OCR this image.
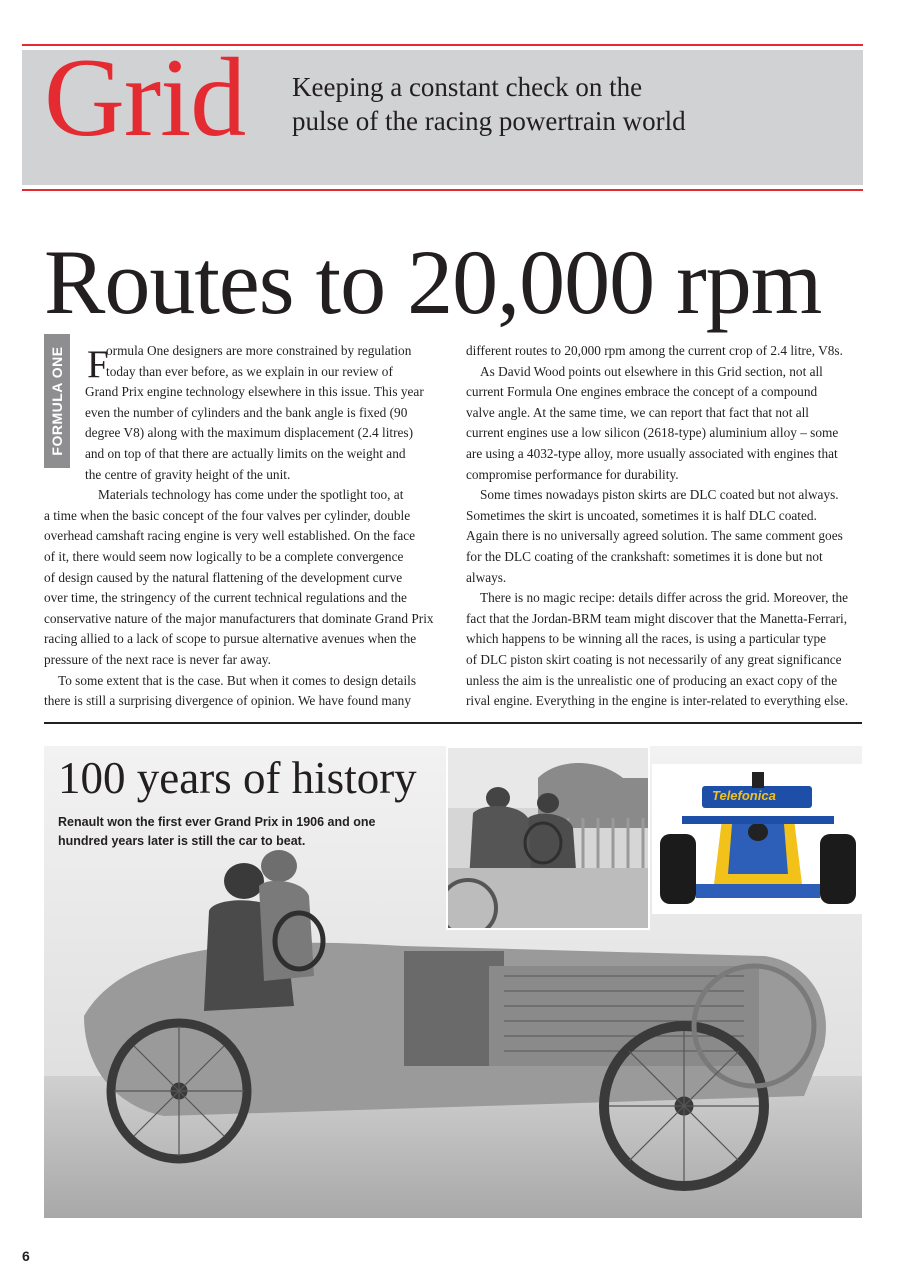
Grid Keeping a constant check on the
pulse of the racing powertrain world
Routes to 20,000 rpm
FORMULA ONE F
ormula One designers are more constrained by regulation
today than ever before, as we explain in our review of
Grand Prix engine technology elsewhere in this issue. This year
even the number of cylinders and the bank angle is fixed (90
degree V8) along with the maximum displacement (2.4 litres)
and on top of that there are actually limits on the weight and
the centre of gravity height of the unit.
Materials technology has come under the spotlight too, at
a time when the basic concept of the four valves per cylinder, double
overhead camshaft racing engine is very well established. On the face
of it, there would seem now logically to be a complete convergence
of design caused by the natural flattening of the development curve
over time, the stringency of the current technical regulations and the
conservative nature of the major manufacturers that dominate Grand Prix
racing allied to a lack of scope to pursue alternative avenues when the
pressure of the next race is never far away.
To some extent that is the case. But when it comes to design details
there is still a surprising divergence of opinion. We have found many
different routes to 20,000 rpm among the current crop of 2.4 litre, V8s.
As David Wood points out elsewhere in this Grid section, not all
current Formula One engines embrace the concept of a compound
valve angle. At the same time, we can report that fact that not all
current engines use a low silicon (2618-type) aluminium alloy – some
are using a 4032-type alloy, more usually associated with engines that
compromise performance for durability.
Some times nowadays piston skirts are DLC coated but not always.
Sometimes the skirt is uncoated, sometimes it is half DLC coated.
Again there is no universally agreed solution. The same comment goes
for the DLC coating of the crankshaft: sometimes it is done but not
always.
There is no magic recipe: details differ across the grid. Moreover, the
fact that the Jordan-BRM team might discover that the Manetta-Ferrari,
which happens to be winning all the races, is using a particular type
of DLC piston skirt coating is not necessarily of any great significance
unless the aim is the unrealistic one of producing an exact copy of the
rival engine. Everything in the engine is inter-related to everything else.
100 years of history
Renault won the first ever Grand Prix in 1906 and one hundred years later is still the car to beat.
Telefonica
6
